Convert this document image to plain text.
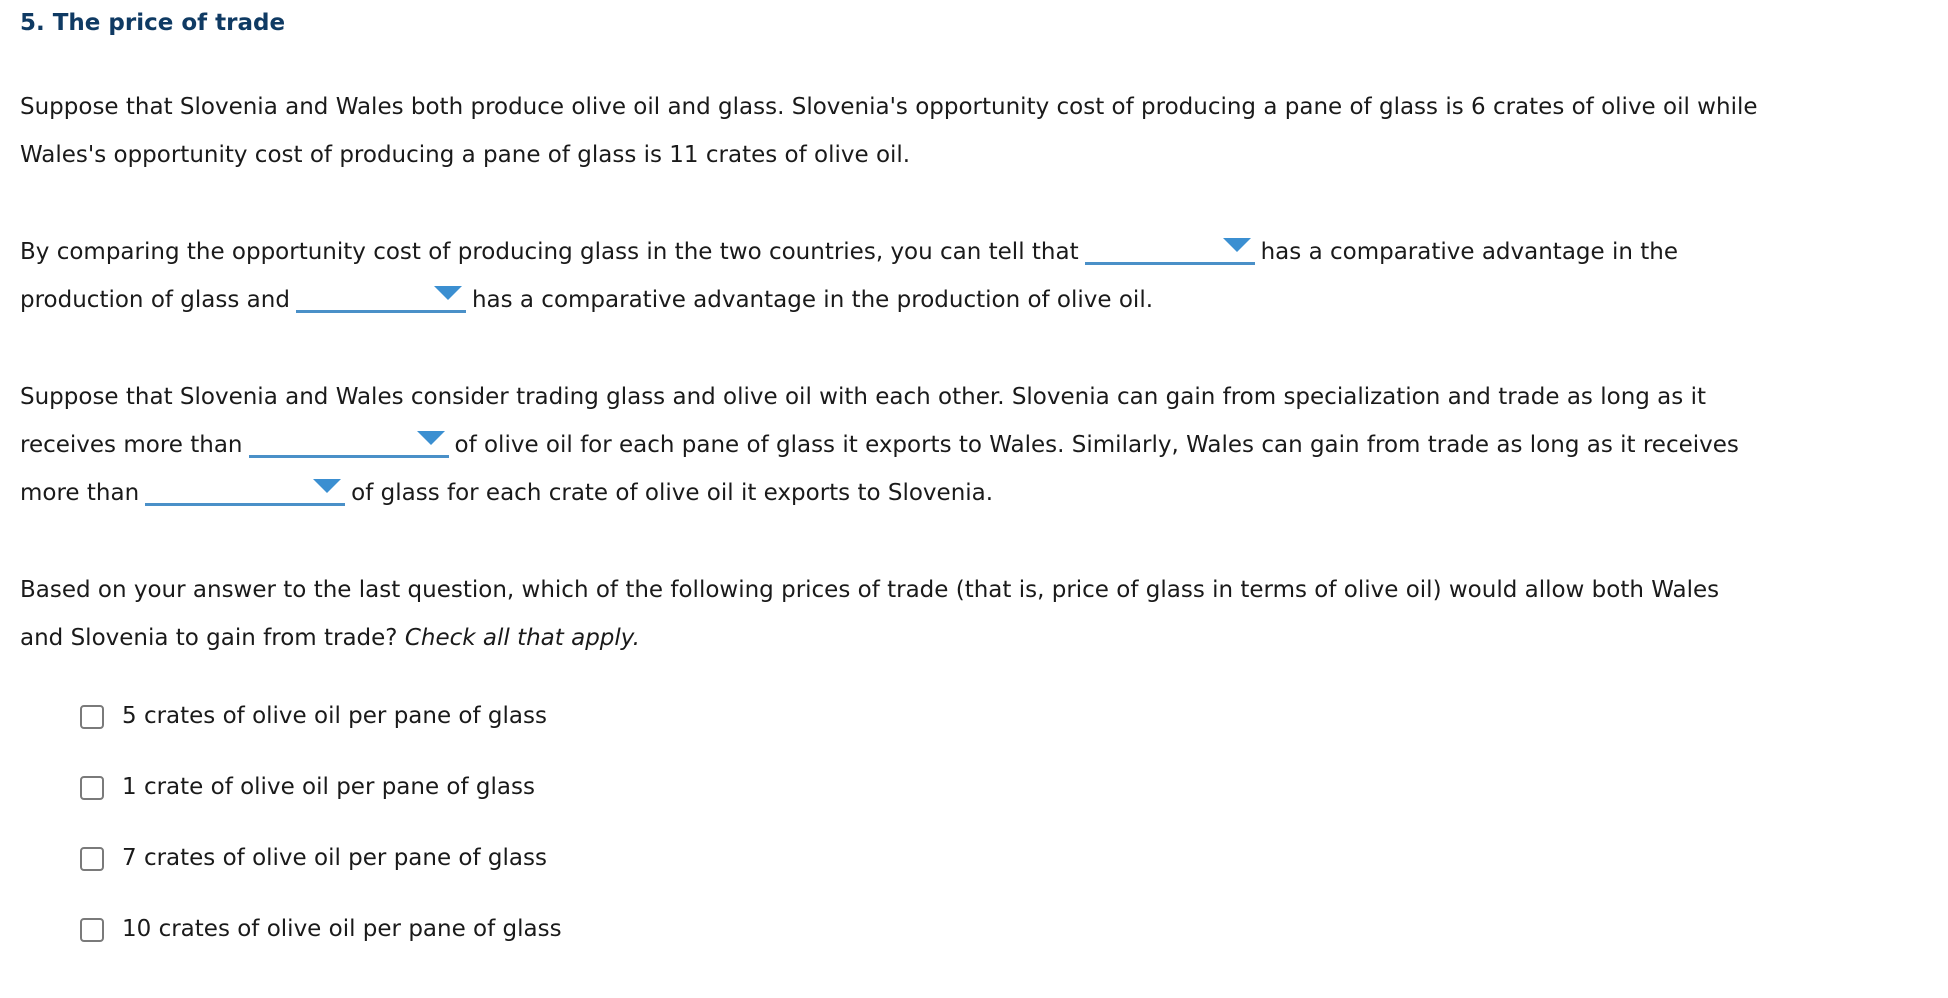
5. The price of trade

Suppose that Slovenia and Wales both produce olive oil and glass. Slovenia's opportunity cost of producing a pane of glass is 6 crates of olive oil while
Wales's opportunity cost of producing a pane of glass is 11 crates of olive oil.

By comparing the opportunity cost of producing glass in the two countries, you can tell that	has a comparative advantage in the
production of glass and	has a comparative advantage in the production of olive oil.

Suppose that Slovenia and Wales consider trading glass and olive oil with each other. Slovenia can gain from specialization and trade as long as it
receives more than	of olive oil for each pane of glass it exports to Wales. Similarly, Wales can gain from trade as long as it receives
more than	of glass for each crate of olive oil it exports to Slovenia.

Based on your answer to the last question, which of the following prices of trade (that is, price of glass in terms of olive oil) would allow both Wales
and Slovenia to gain from trade? Check all that apply.

5 crates of olive oil per pane of glass
1 crate of olive oil per pane of glass
7 crates of olive oil per pane of glass
10 crates of olive oil per pane of glass
